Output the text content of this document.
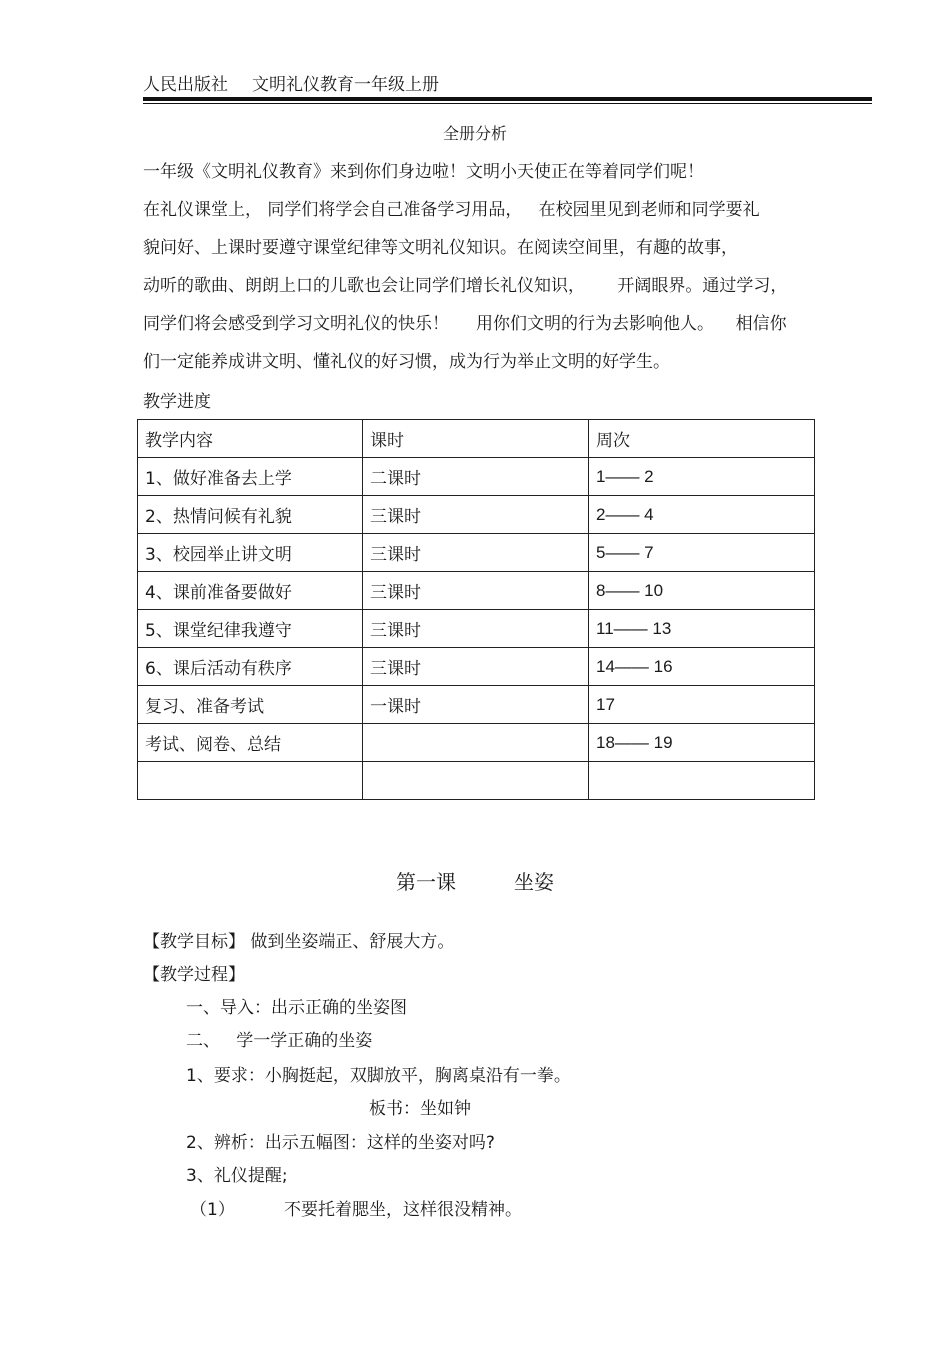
人民出版社 文明礼仪教育一年级上册
全册分析

一年级《文明礼仪教育》来到你们身边啦！文明小天使正在等着同学们呢！

在礼仪课堂上， 同学们将学会自己准备学习用品，   在校园里见到老师和同学要礼

貌问好、上课时要遵守课堂纪律等文明礼仪知识。在阅读空间里，有趣的故事，

动听的歌曲、朗朗上口的儿歌也会让同学们增长礼仪知识，      开阔眼界。通过学习，

同学们将会感受到学习文明礼仪的快乐！     用你们文明的行为去影响他人。    相信你

们一定能养成讲文明、懂礼仪的好习惯，成为行为举止文明的好学生。

教学进度
教学内容	课时	周次
1、做好准备去上学	二课时	1—— 2
2、热情问候有礼貌	三课时	2—— 4
3、校园举止讲文明	三课时	5—— 7
4、课前准备要做好	三课时	8—— 10
5、课堂纪律我遵守	三课时	11—— 13
6、课后活动有秩序	三课时	14—— 16
复习、准备考试	一课时	17
考试、阅卷、总结		18—— 19

第一课	坐姿
【教学目标】 做到坐姿端正、舒展大方。
【教学过程】
一、导入：出示正确的坐姿图
二、   学一学正确的坐姿
1、要求：小胸挺起，双脚放平，胸离桌沿有一拳。
板书：坐如钟
2、辨析：出示五幅图：这样的坐姿对吗?
3、礼仪提醒;
（1）	不要托着腮坐，这样很没精神。
